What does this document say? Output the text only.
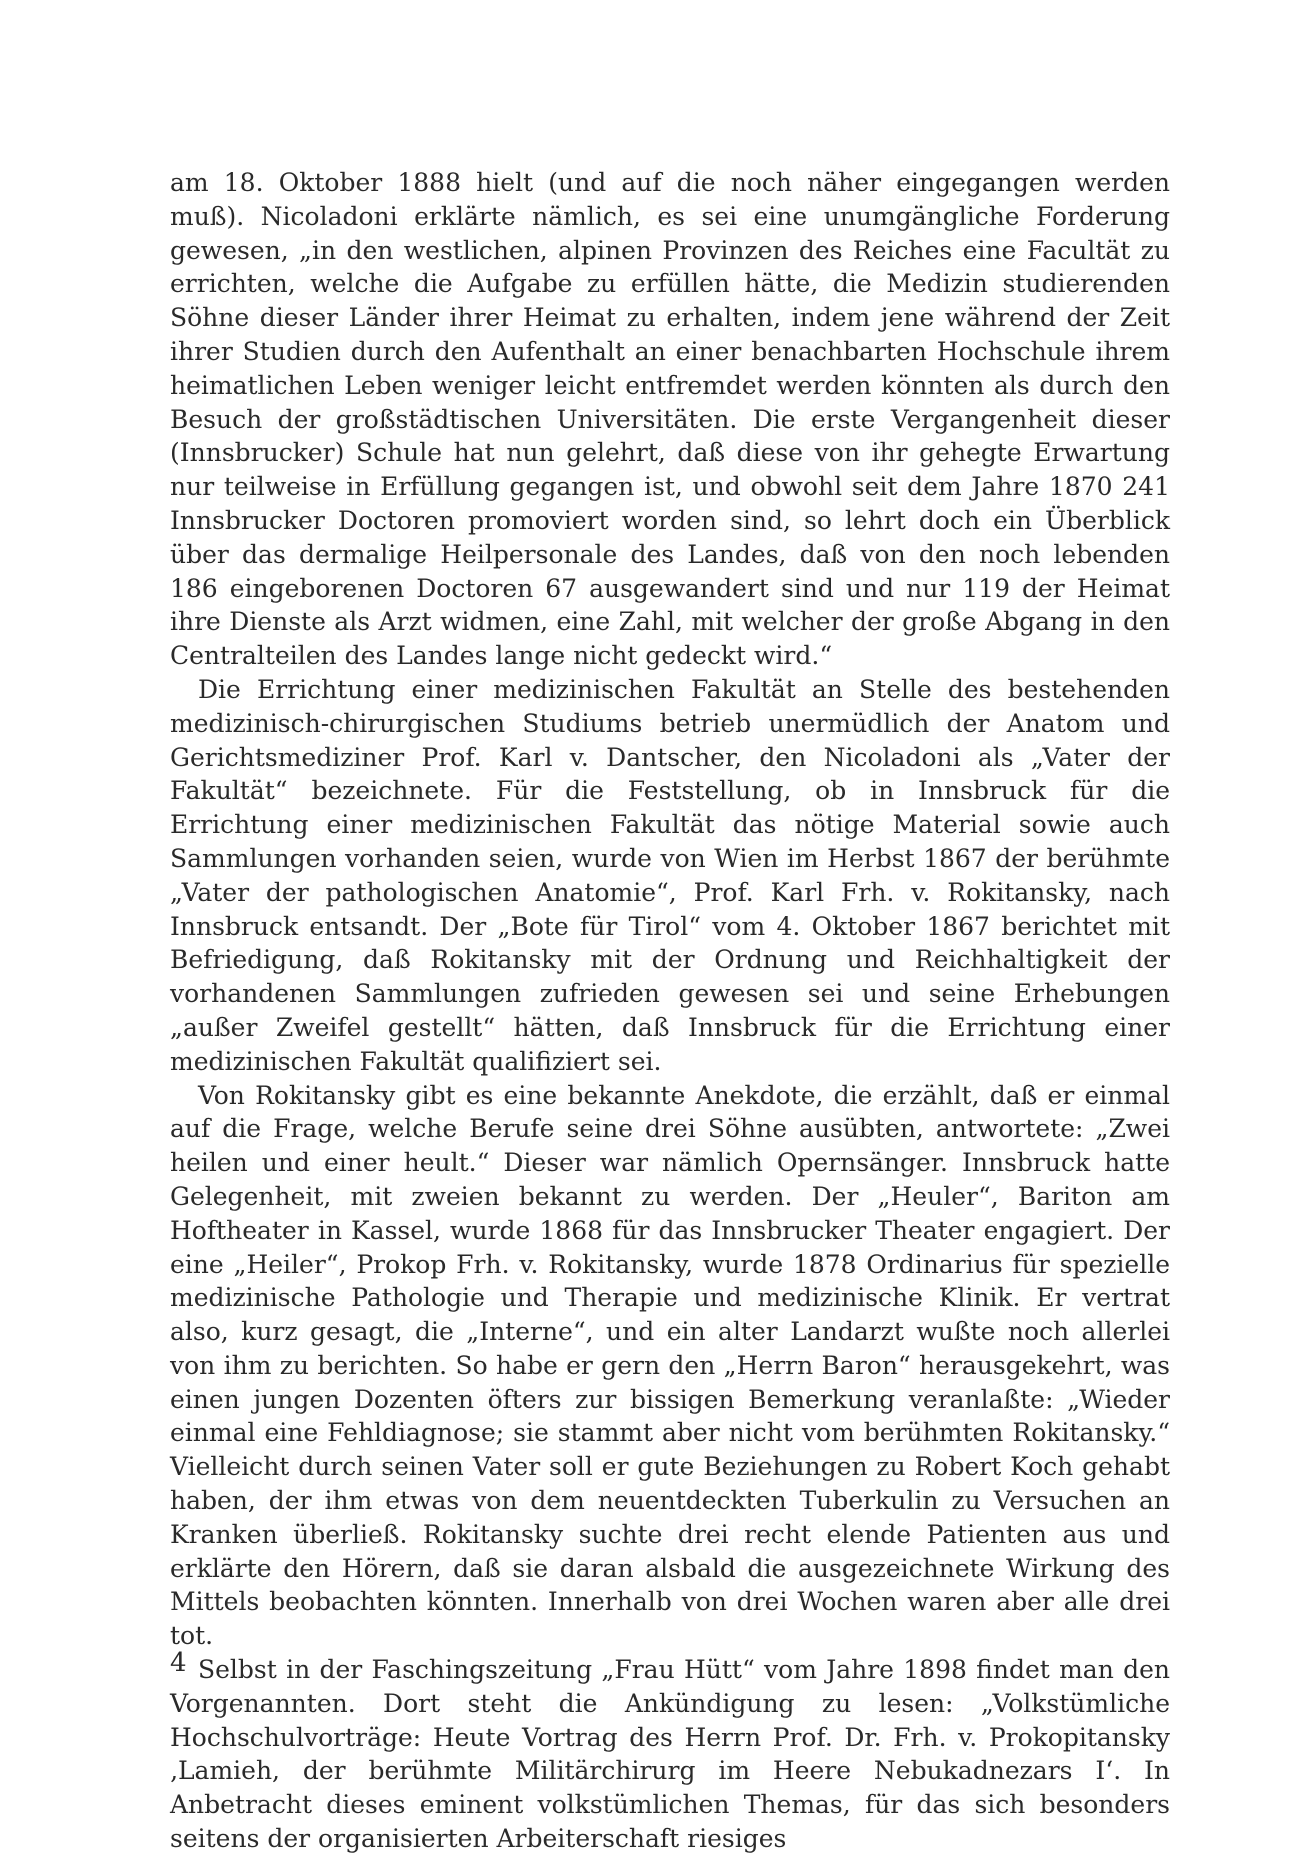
am 18. Oktober 1888 hielt (und auf die noch näher eingegangen werden muß). Nicoladoni erklärte nämlich, es sei eine unumgängliche Forderung gewesen, „in den westlichen, alpinen Provinzen des Reiches eine Facultät zu errichten, welche die Aufgabe zu erfüllen hätte, die Medizin studierenden Söhne dieser Länder ihrer Heimat zu erhalten, indem jene während der Zeit ihrer Studien durch den Aufenthalt an einer benachbarten Hochschule ihrem heimatlichen Leben weniger leicht entfremdet werden könnten als durch den Besuch der großstädtischen Universitäten. Die erste Vergangenheit dieser (Innsbrucker) Schule hat nun gelehrt, daß diese von ihr gehegte Erwartung nur teilweise in Erfüllung gegangen ist, und obwohl seit dem Jahre 1870 241 Innsbrucker Doctoren promoviert worden sind, so lehrt doch ein Überblick über das dermalige Heilpersonale des Landes, daß von den noch lebenden 186 eingeborenen Doctoren 67 ausgewandert sind und nur 119 der Heimat ihre Dienste als Arzt widmen, eine Zahl, mit welcher der große Abgang in den Centralteilen des Landes lange nicht gedeckt wird.“

Die Errichtung einer medizinischen Fakultät an Stelle des bestehenden medizinisch-chirurgischen Studiums betrieb unermüdlich der Anatom und Gerichtsmediziner Prof. Karl v. Dantscher, den Nicoladoni als „Vater der Fakultät“ bezeichnete. Für die Feststellung, ob in Innsbruck für die Errichtung einer medizinischen Fakultät das nötige Material sowie auch Sammlungen vorhanden seien, wurde von Wien im Herbst 1867 der berühmte „Vater der pathologischen Anatomie“, Prof. Karl Frh. v. Rokitansky, nach Innsbruck entsandt. Der „Bote für Tirol“ vom 4. Oktober 1867 berichtet mit Befriedigung, daß Rokitansky mit der Ordnung und Reichhaltigkeit der vorhandenen Sammlungen zufrieden gewesen sei und seine Erhebungen „außer Zweifel gestellt“ hätten, daß Innsbruck für die Errichtung einer medizinischen Fakultät qualifiziert sei.

Von Rokitansky gibt es eine bekannte Anekdote, die erzählt, daß er einmal auf die Frage, welche Berufe seine drei Söhne ausübten, antwortete: „Zwei heilen und einer heult.“ Dieser war nämlich Opernsänger. Innsbruck hatte Gelegenheit, mit zweien bekannt zu werden. Der „Heuler“, Bariton am Hoftheater in Kassel, wurde 1868 für das Innsbrucker Theater engagiert. Der eine „Heiler“, Prokop Frh. v. Rokitansky, wurde 1878 Ordinarius für spezielle medizinische Pathologie und Therapie und medizinische Klinik. Er vertrat also, kurz gesagt, die „Interne“, und ein alter Landarzt wußte noch allerlei von ihm zu berichten. So habe er gern den „Herrn Baron“ herausgekehrt, was einen jungen Dozenten öfters zur bissigen Bemerkung veranlaßte: „Wieder einmal eine Fehldiagnose; sie stammt aber nicht vom berühmten Rokitansky.“ Vielleicht durch seinen Vater soll er gute Beziehungen zu Robert Koch gehabt haben, der ihm etwas von dem neuentdeckten Tuberkulin zu Versuchen an Kranken überließ. Rokitansky suchte drei recht elende Patienten aus und erklärte den Hörern, daß sie daran alsbald die ausgezeichnete Wirkung des Mittels beobachten könnten. Innerhalb von drei Wochen waren aber alle drei tot.

Selbst in der Faschingszeitung „Frau Hütt“ vom Jahre 1898 findet man den Vorgenannten. Dort steht die Ankündigung zu lesen: „Volkstümliche Hochschulvorträge: Heute Vortrag des Herrn Prof. Dr. Frh. v. Prokopitansky ‚Lamieh, der berühmte Militärchirurg im Heere Nebukadnezars I‘. In Anbetracht dieses eminent volkstümlichen Themas, für das sich besonders seitens der organisierten Arbeiterschaft riesiges

4
